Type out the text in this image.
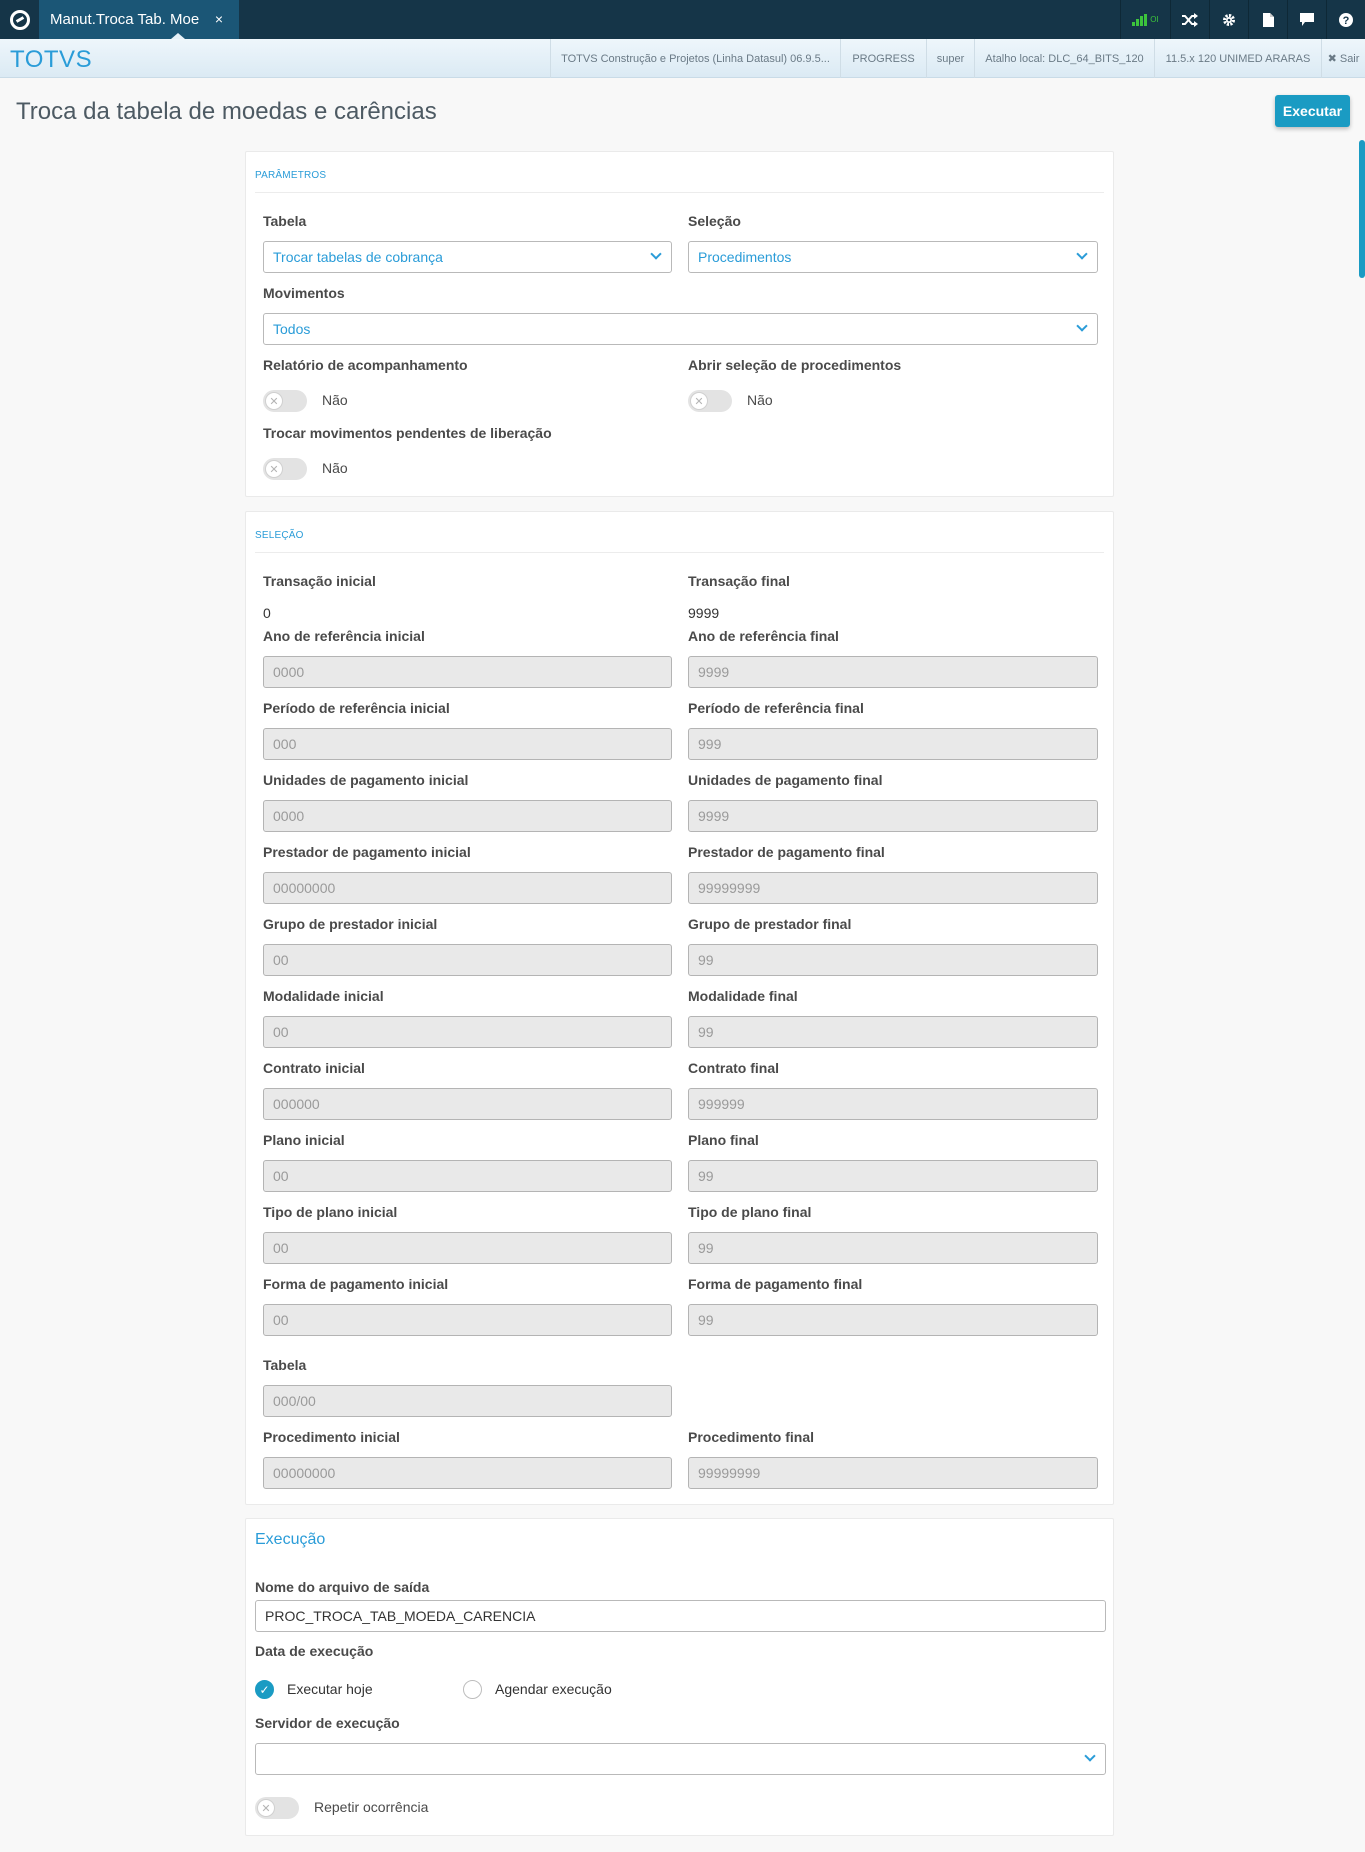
Manut.Troca Tab. Moe ×	OI	?
TOTVS	TOTVS Construção e Projetos (Linha Datasul) 06.9.5...	PROGRESS	super	Atalho local: DLC_64_BITS_120	11.5.x 120 UNIMED ARARAS	✖ Sair
Troca da tabela de moedas e carências	Executar
PARÂMETROS
Tabela
Trocar tabelas de cobrança
Seleção
Procedimentos
Movimentos
Todos
Relatório de acompanhamento
✕	Não
Abrir seleção de procedimentos
✕	Não
Trocar movimentos pendentes de liberação
✕	Não
SELEÇÃO
Transação inicial
0
Transação final
9999
Ano de referência inicial
0000
Ano de referência final
9999
Período de referência inicial
000
Período de referência final
999
Unidades de pagamento inicial
0000
Unidades de pagamento final
9999
Prestador de pagamento inicial
00000000
Prestador de pagamento final
99999999
Grupo de prestador inicial
00
Grupo de prestador final
99
Modalidade inicial
00
Modalidade final
99
Contrato inicial
000000
Contrato final
999999
Plano inicial
00
Plano final
99
Tipo de plano inicial
00
Tipo de plano final
99
Forma de pagamento inicial
00
Forma de pagamento final
99
Tabela
000/00
Procedimento inicial
00000000
Procedimento final
99999999
Execução
Nome do arquivo de saída
PROC_TROCA_TAB_MOEDA_CARENCIA
Data de execução
✓ Executar hoje	Agendar execução
Servidor de execução
✕	Repetir ocorrência
